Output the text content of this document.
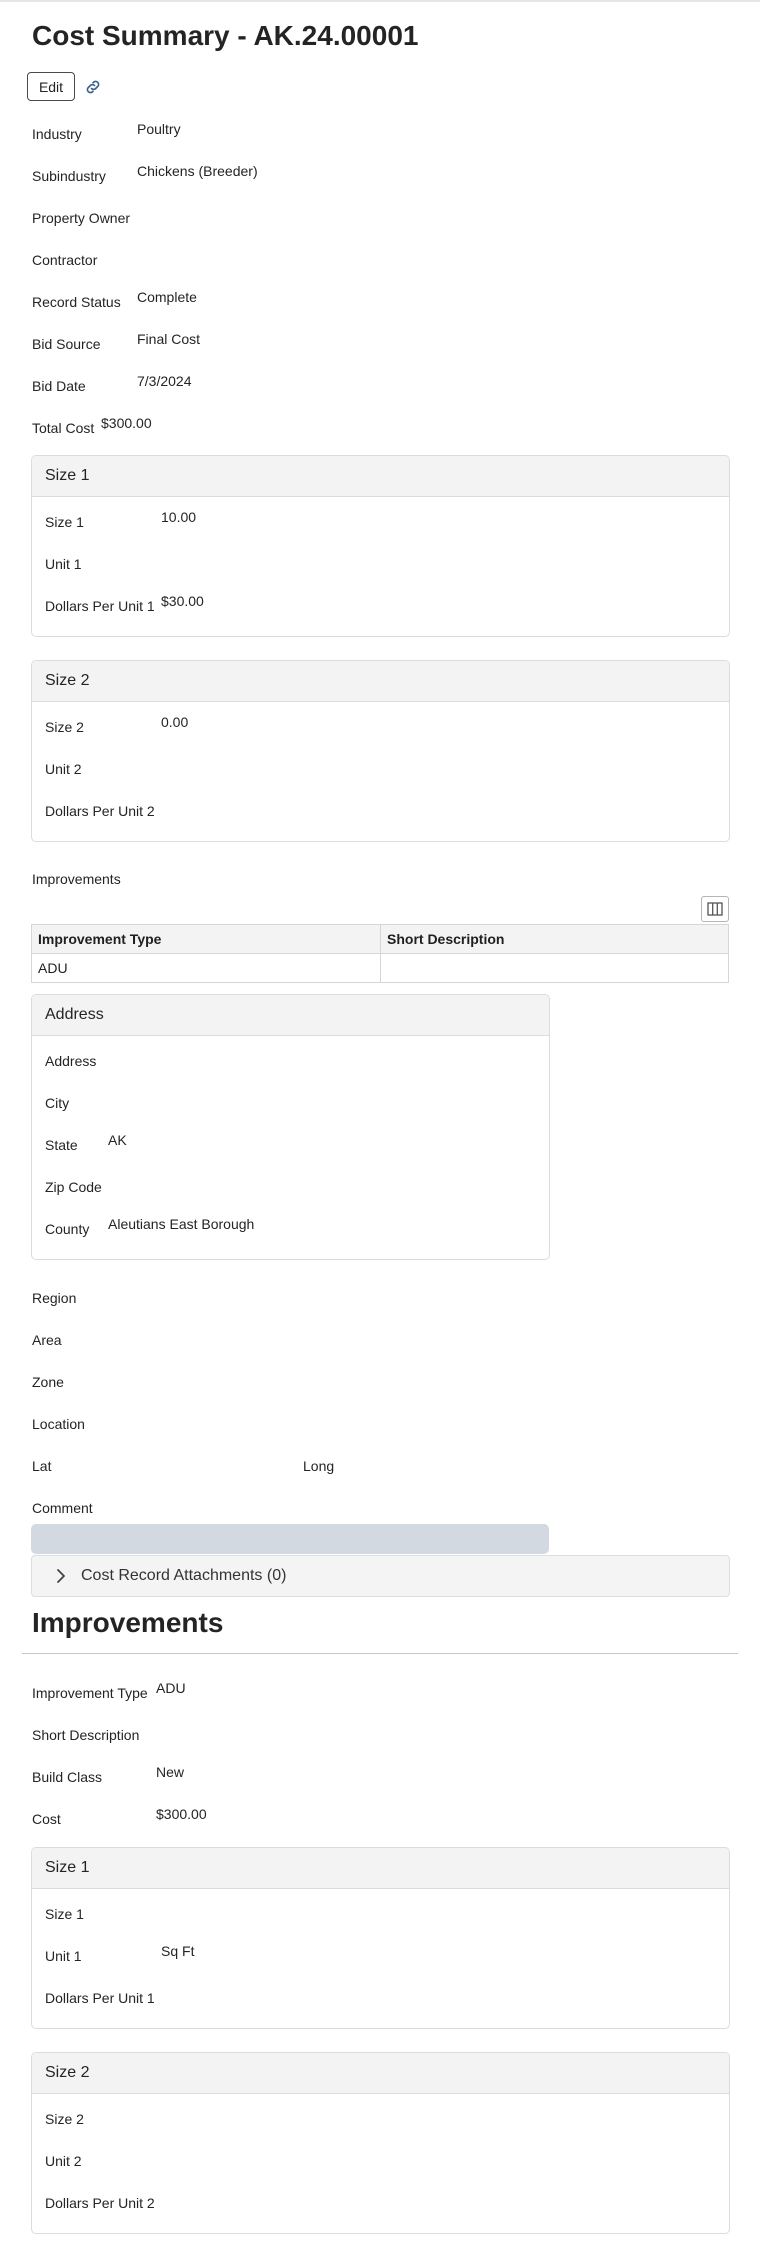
Cost Summary - AK.24.00001
Edit
Industry	Poultry
Subindustry Chickens (Breeder)
Property Owner
Contractor
Record Status Complete
Bid Source	Final Cost
Bid Date	7/3/2024
Total Cost $300.00
Size 1
Size 1	10.00
Unit 1
Dollars Per Unit 1 $30.00
Size 2
Size 2	0.00
Unit 2
Dollars Per Unit 2
Improvements
Improvement Type	Short Description
ADU	
Address
Address
City
State AK
Zip Code
County Aleutians East Borough
Region
Area
Zone
Location
Lat	Long
Comment
Cost Record Attachments (0)
Improvements
Improvement Type ADU
Short Description
Build Class	New
Cost	$300.00
Size 1
Size 1
Unit 1	Sq Ft
Dollars Per Unit 1
Size 2
Size 2
Unit 2
Dollars Per Unit 2
